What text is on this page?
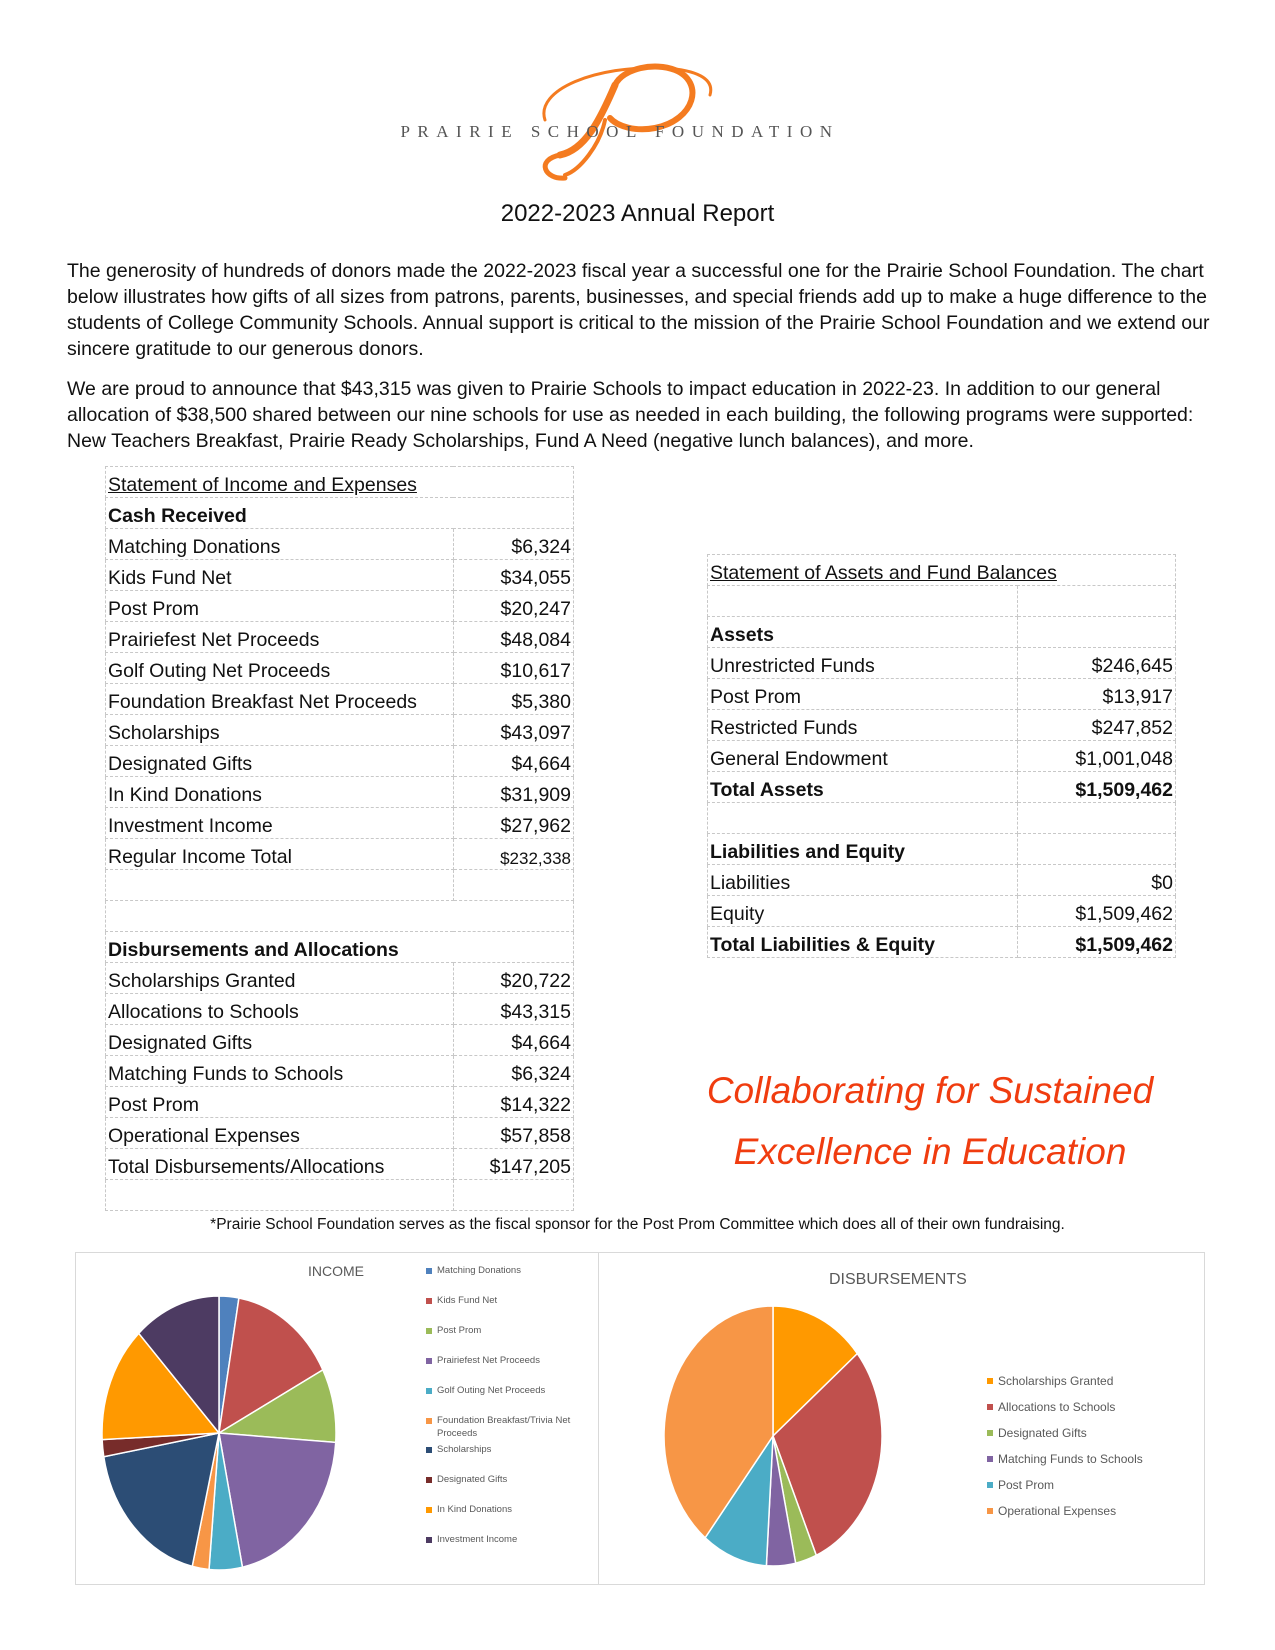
PRAIRIE SCHOOL FOUNDATION
2022-2023 Annual Report
The generosity of hundreds of donors made the 2022-2023 fiscal year a successful one for the Prairie School Foundation. The chart below illustrates how gifts of all sizes from patrons, parents, businesses, and special friends add up to make a huge difference to the students of College Community Schools. Annual support is critical to the mission of the Prairie School Foundation and we extend our sincere gratitude to our generous donors.
We are proud to announce that $43,315 was given to Prairie Schools to impact education in 2022-23. In addition to our general allocation of $38,500 shared between our nine schools for use as needed in each building, the following programs were supported: New Teachers Breakfast, Prairie Ready Scholarships, Fund A Need (negative lunch balances), and more.
Statement of Income and Expenses	
Cash Received	
Matching Donations	$6,324
Kids Fund Net	$34,055
Post Prom	$20,247
Prairiefest Net Proceeds	$48,084
Golf Outing Net Proceeds	$10,617
Foundation Breakfast Net Proceeds	$5,380
Scholarships	$43,097
Designated Gifts	$4,664
In Kind Donations	$31,909
Investment Income	$27,962
Regular Income Total	$232,338

Disbursements and Allocations	
Scholarships Granted	$20,722
Allocations to Schools	$43,315
Designated Gifts	$4,664
Matching Funds to Schools	$6,324
Post Prom	$14,322
Operational Expenses	$57,858
Total Disbursements/Allocations	$147,205

Statement of Assets and Fund Balances	

Assets	
Unrestricted Funds	$246,645
Post Prom	$13,917
Restricted Funds	$247,852
General Endowment	$1,001,048
Total Assets	$1,509,462

Liabilities and Equity	
Liabilities	$0
Equity	$1,509,462
Total Liabilities & Equity	$1,509,462
Collaborating for Sustained
Excellence in Education
*Prairie School Foundation serves as the fiscal sponsor for the Post Prom Committee which does all of their own fundraising.
INCOME	Matching Donations
Kids Fund Net
Post Prom
Prairiefest Net Proceeds
Golf Outing Net Proceeds
Foundation Breakfast/Trivia Net Proceeds
Scholarships
Designated Gifts
In Kind Donations
Investment Income
DISBURSEMENTS
Scholarships Granted
Allocations to Schools
Designated Gifts
Matching Funds to Schools
Post Prom
Operational Expenses
